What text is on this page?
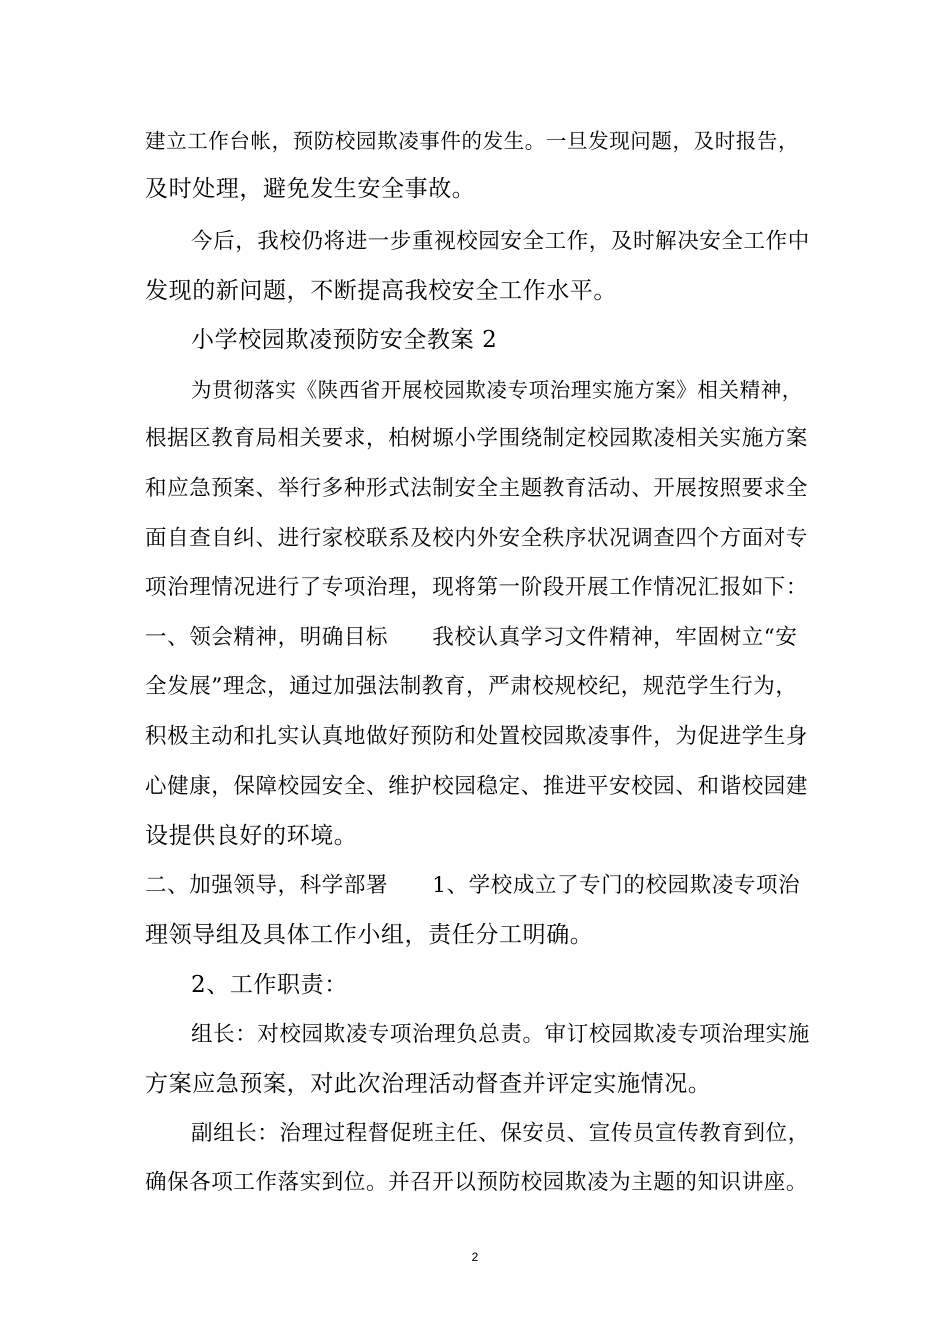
建立工作台帐，预防校园欺凌事件的发生。一旦发现问题，及时报告，
及时处理，避免发生安全事故。
今后，我校仍将进一步重视校园安全工作，及时解决安全工作中
发现的新问题，不断提高我校安全工作水平。
小学校园欺凌预防安全教案 2
为贯彻落实《陕西省开展校园欺凌专项治理实施方案》相关精神，
根据区教育局相关要求，柏树塬小学围绕制定校园欺凌相关实施方案
和应急预案、举行多种形式法制安全主题教育活动、开展按照要求全
面自查自纠、进行家校联系及校内外安全秩序状况调查四个方面对专
项治理情况进行了专项治理，现将第一阶段开展工作情况汇报如下：
一、领会精神，明确目标　　我校认真学习文件精神，牢固树立“安
全发展”理念，通过加强法制教育，严肃校规校纪，规范学生行为，
积极主动和扎实认真地做好预防和处置校园欺凌事件，为促进学生身
心健康，保障校园安全、维护校园稳定、推进平安校园、和谐校园建
设提供良好的环境。
二、加强领导，科学部署　　1、学校成立了专门的校园欺凌专项治
理领导组及具体工作小组，责任分工明确。
2、工作职责：
组长：对校园欺凌专项治理负总责。审订校园欺凌专项治理实施
方案应急预案，对此次治理活动督查并评定实施情况。
副组长：治理过程督促班主任、保安员、宣传员宣传教育到位，
确保各项工作落实到位。并召开以预防校园欺凌为主题的知识讲座。
2
